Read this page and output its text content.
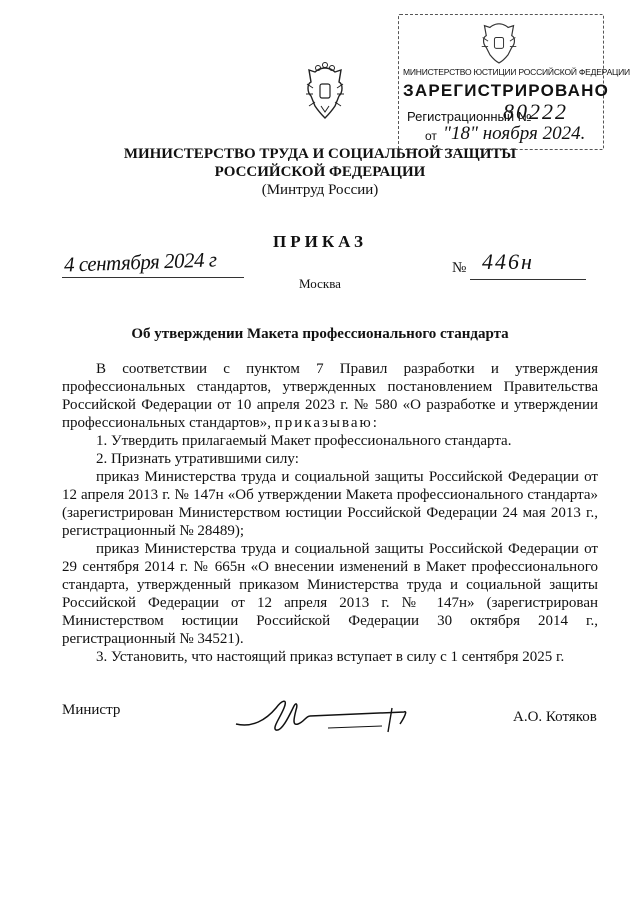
МИНИСТЕРСТВО ЮСТИЦИИ РОССИЙСКОЙ ФЕДЕРАЦИИ
ЗАРЕГИСТРИРОВАНО
Регистрационный №
80222
от "18" ноября 2024.
МИНИСТЕРСТВО ТРУДА И СОЦИАЛЬНОЙ ЗАЩИТЫ
РОССИЙСКОЙ ФЕДЕРАЦИИ
(Минтруд России)
ПРИКАЗ
4 сентября 2024 г
Москва
№ 446н
Об утверждении Макета профессионального стандарта

В соответствии с пунктом 7 Правил разработки и утверждения профессиональных стандартов, утвержденных постановлением Правительства Российской Федерации от 10 апреля 2023 г. № 580 «О разработке и утверждении профессиональных стандартов», приказываю:

1. Утвердить прилагаемый Макет профессионального стандарта.

2. Признать утратившими силу:

приказ Министерства труда и социальной защиты Российской Федерации от 12 апреля 2013 г. № 147н «Об утверждении Макета профессионального стандарта» (зарегистрирован Министерством юстиции Российской Федерации 24 мая 2013 г., регистрационный № 28489);

приказ Министерства труда и социальной защиты Российской Федерации от 29 сентября 2014 г. № 665н «О внесении изменений в Макет профессионального стандарта, утвержденный приказом Министерства труда и социальной защиты Российской Федерации от 12 апреля 2013 г. № 147н» (зарегистрирован Министерством юстиции Российской Федерации 30 октября 2014 г., регистрационный № 34521).

3. Установить, что настоящий приказ вступает в силу с 1 сентября 2025 г.

Министр	А.О. Котяков
